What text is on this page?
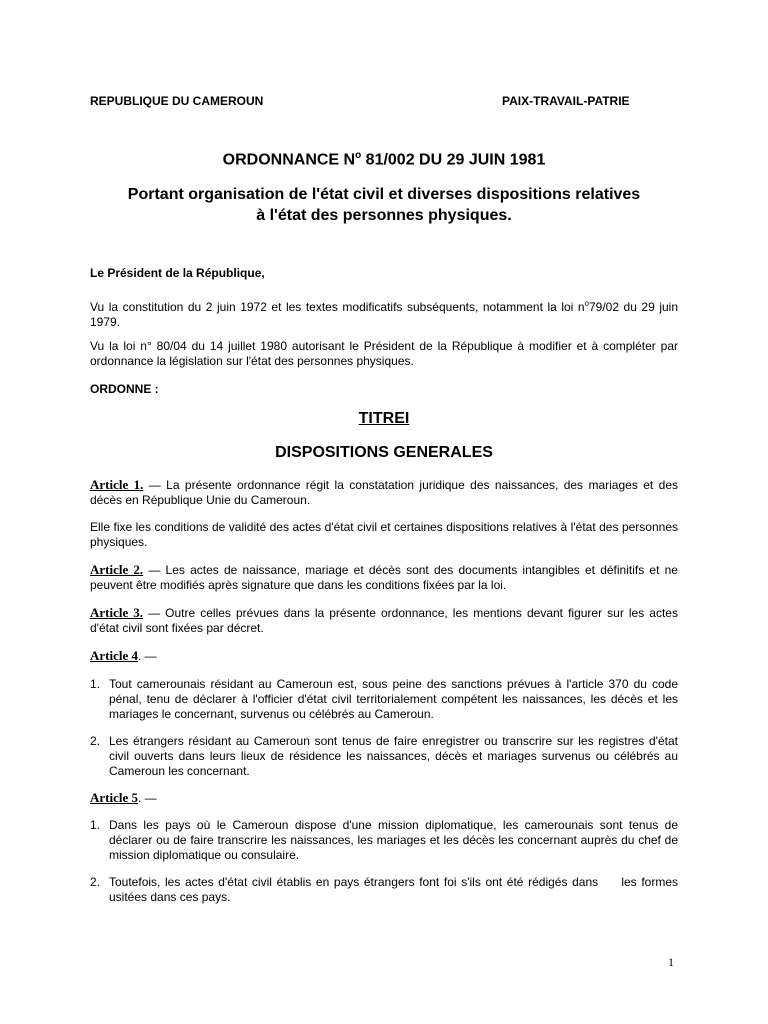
REPUBLIQUE DU CAMEROUN	PAIX-TRAVAIL-PATRIE
ORDONNANCE $N^o$ 81/002 DU 29 JUIN 1981
Portant organisation de l'état civil et diverses dispositions relatives
à l'état des personnes physiques.
Le Président de la République,
Vu la constitution du 2 juin 1972 et les textes modificatifs subséquents, notamment la loi $n^o79/02$ du 29 juin 1979.
Vu la loi n° 80/04 du 14 juillet 1980 autorisant le Président de la République à modifier et à compléter par ordonnance la législation sur l'état des personnes physiques.
ORDONNE :
TITREI
DISPOSITIONS GENERALES
Article 1. — La présente ordonnance régit la constatation juridique des naissances, des mariages et des décès en République Unie du Cameroun.
Elle fixe les conditions de validité des actes d'état civil et certaines dispositions relatives à l'état des personnes physiques.
Article 2. — Les actes de naissance, mariage et décès sont des documents intangibles et définitifs et ne peuvent être modifiés après signature que dans les conditions fixées par la loi.
Article 3. — Outre celles prévues dans la présente ordonnance, les mentions devant figurer sur les actes d'état civil sont fixées par décret.
Article 4. —
1. Tout camerounais résidant au Cameroun est, sous peine des sanctions prévues à l'article 370 du code pénal, tenu de déclarer à l'officier d'état civil territorialement compétent les naissances, les décès et les mariages le concernant, survenus ou célébrés au Cameroun.
2. Les étrangers résidant au Cameroun sont tenus de faire enregistrer ou transcrire sur les registres d'état civil ouverts dans leurs lieux de résidence les naissances, décès et mariages survenus ou célébrés au Cameroun les concernant.
Article 5. —
1. Dans les pays où le Cameroun dispose d'une mission diplomatique, les camerounais sont tenus de déclarer ou de faire transcrire les naissances, les mariages et les décès les concernant auprès du chef de mission diplomatique ou consulaire.
2. Toutefois, les actes d'état civil établis en pays étrangers font foi s'ils ont été rédigés dans     les formes usitées dans ces pays.
1
